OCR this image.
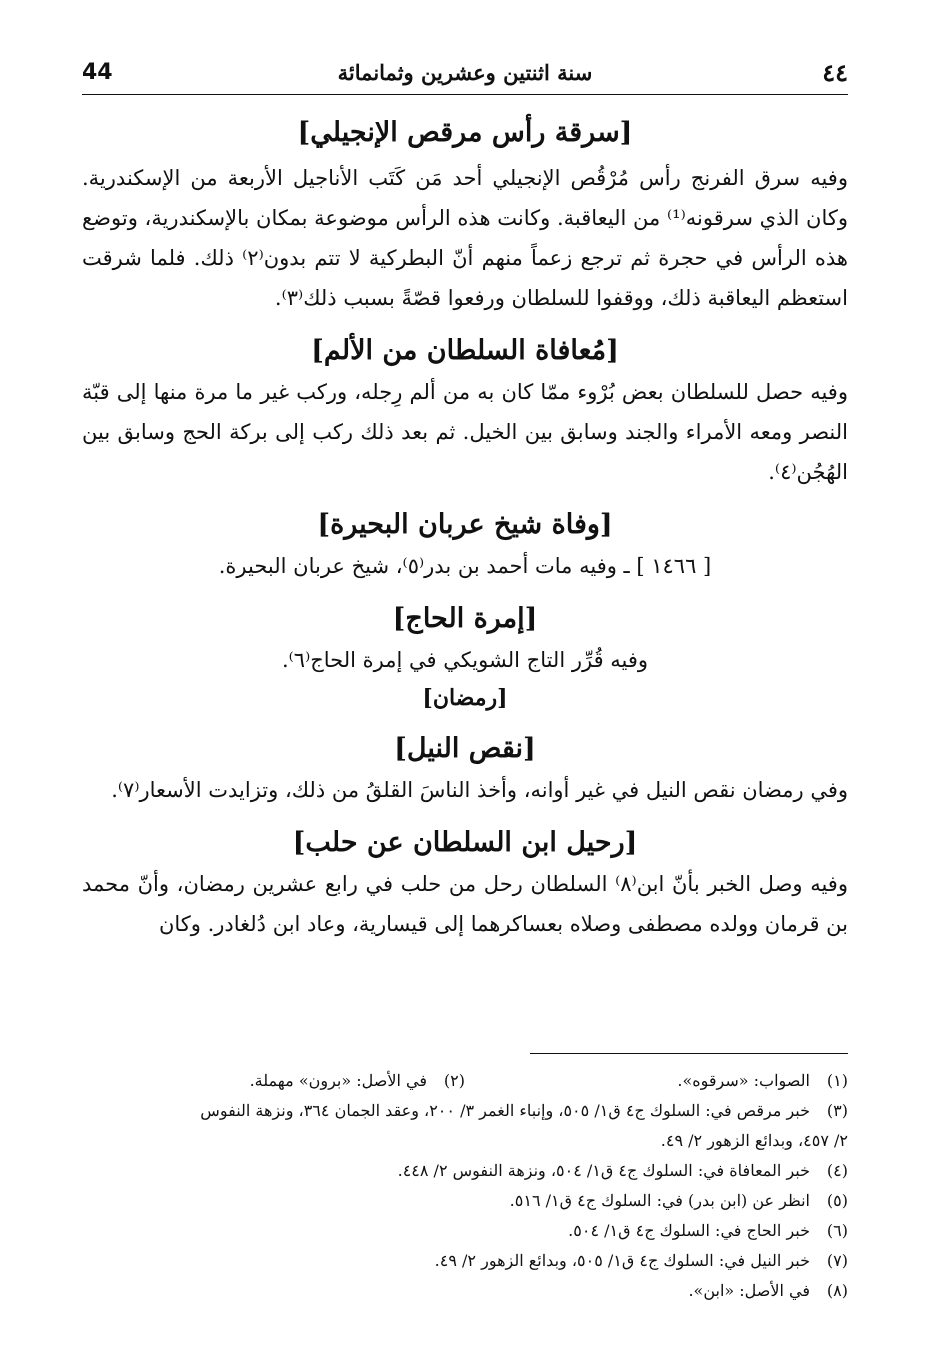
44	سنة اثنتين وعشرين وثمانمائة	٤٤
[سرقة رأس مرقص الإنجيلي]

وفيه سرق الفرنج رأس مُرْقُص الإنجيلي أحد مَن كَتَب الأناجيل الأربعة من الإسكندرية. وكان الذي سرقونه⁽¹⁾ من اليعاقبة. وكانت هذه الرأس موضوعة بمكان بالإسكندرية، وتوضع هذه الرأس في حجرة ثم ترجع زعماً منهم أنّ البطركية لا تتم بدون⁽٢⁾ ذلك. فلما شرقت استعظم اليعاقبة ذلك، ووقفوا للسلطان ورفعوا قصّةً بسبب ذلك⁽٣⁾.

[مُعافاة السلطان من الألم]

وفيه حصل للسلطان بعض بُرْوء ممّا كان به من ألم رِجله، وركب غير ما مرة منها إلى قبّة النصر ومعه الأمراء والجند وسابق بين الخيل. ثم بعد ذلك ركب إلى بركة الحج وسابق بين الهُجُن⁽٤⁾.

[وفاة شيخ عربان البحيرة]

[ ١٤٦٦ ] ـ وفيه مات أحمد بن بدر⁽٥⁾، شيخ عربان البحيرة.

[إمرة الحاج]

وفيه قُرِّر التاج الشويكي في إمرة الحاج⁽٦⁾.

[رمضان]
[نقص النيل]

وفي رمضان نقص النيل في غير أوانه، وأخذ الناسَ القلقُ من ذلك، وتزايدت الأسعار⁽٧⁾.

[رحيل ابن السلطان عن حلب]

وفيه وصل الخبر بأنّ ابن⁽٨⁾ السلطان رحل من حلب في رابع عشرين رمضان، وأنّ محمد بن قرمان وولده مصطفى وصلاه بعساكرهما إلى قيسارية، وعاد ابن دُلغادر. وكان

(١)
الصواب: «سرقوه».
(٢)
في الأصل: «برون» مهملة.
(٣)
خبر مرقص في: السلوك ج٤ ق١/ ٥٠٥، وإنباء الغمر ٣/ ٢٠٠، وعقد الجمان ٣٦٤، ونزهة النفوس
٢/ ٤٥٧، وبدائع الزهور ٢/ ٤٩.
(٤)
خبر المعافاة في: السلوك ج٤ ق١/ ٥٠٤، ونزهة النفوس ٢/ ٤٤٨.
(٥)
انظر عن (ابن بدر) في: السلوك ج٤ ق١/ ٥١٦.
(٦)
خبر الحاج في: السلوك ج٤ ق١/ ٥٠٤.
(٧)
خبر النيل في: السلوك ج٤ ق١/ ٥٠٥، وبدائع الزهور ٢/ ٤٩.
(٨)
في الأصل: «ابن».
